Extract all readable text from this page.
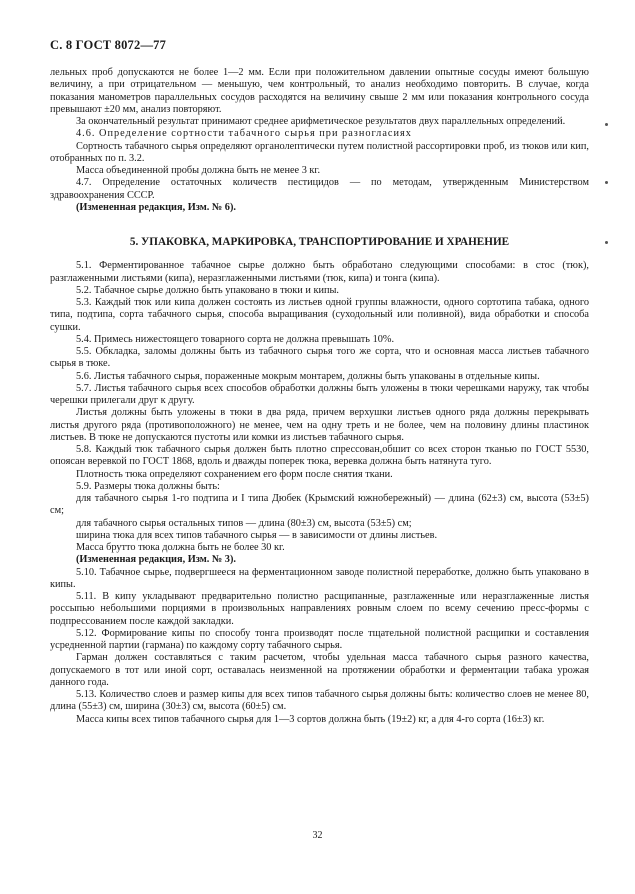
С. 8 ГОСТ 8072—77

лельных проб допускаются не более 1—2 мм. Если при положительном давлении опытные сосуды имеют большую величину, а при отрицательном — меньшую, чем контрольный, то анализ необходимо повторить. В случае, когда показания манометров параллельных сосудов расходятся на величину свыше 2 мм или показания контрольного сосуда превышают ±20 мм, анализ повторяют.

За окончательный результат принимают среднее арифметическое результатов двух параллельных определений.

4.6. Определение сортности табачного сырья при разногласиях

Сортность табачного сырья определяют органолептически путем полистной рассортировки проб, из тюков или кип, отобранных по п. 3.2.

Масса объединенной пробы должна быть не менее 3 кг.

4.7. Определение остаточных количеств пестицидов — по методам, утвержденным Министерством здравоохранения СССР.

(Измененная редакция, Изм. № 6).

5. УПАКОВКА, МАРКИРОВКА, ТРАНСПОРТИРОВАНИЕ И ХРАНЕНИЕ

5.1. Ферментированное табачное сырье должно быть обработано следующими способами: в стос (тюк), разглаженными листьями (кипа), неразглаженными листьями (тюк, кипа) и тонга (кипа).

5.2. Табачное сырье должно быть упаковано в тюки и кипы.

5.3. Каждый тюк или кипа должен состоять из листьев одной группы влажности, одного сортотипа табака, одного типа, подтипа, сорта табачного сырья, способа выращивания (суходольный или поливной), вида обработки и способа сушки.

5.4. Примесь нижестоящего товарного сорта не должна превышать 10%.

5.5. Обкладка, заломы должны быть из табачного сырья того же сорта, что и основная масса листьев табачного сырья в тюке.

5.6. Листья табачного сырья, пораженные мокрым монтарем, должны быть упакованы в отдельные кипы.

5.7. Листья табачного сырья всех способов обработки должны быть уложены в тюки черешками наружу, так чтобы черешки прилегали друг к другу.

Листья должны быть уложены в тюки в два ряда, причем верхушки листьев одного ряда должны перекрывать листья другого ряда (противоположного) не менее, чем на одну треть и не более, чем на половину длины пластинок листьев. В тюке не допускаются пустоты или комки из листьев табачного сырья.

5.8. Каждый тюк табачного сырья должен быть плотно спрессован,обшит со всех сторон тканью по ГОСТ 5530, опоясан веревкой по ГОСТ 1868, вдоль и дважды поперек тюка, веревка должна быть натянута туго.

Плотность тюка определяют сохранением его форм после снятия ткани.

5.9. Размеры тюка должны быть:

для табачного сырья 1-го подтипа и I типа Дюбек (Крымский южнобережный) — длина (62±3) см, высота (53±5) см;

для табачного сырья остальных типов — длина (80±3) см, высота (53±5) см;

ширина тюка для всех типов табачного сырья — в зависимости от длины листьев.

Масса брутто тюка должна быть не более 30 кг.

(Измененная редакция, Изм. № 3).

5.10. Табачное сырье, подвергшееся на ферментационном заводе полистной переработке, должно быть упаковано в кипы.

5.11. В кипу укладывают предварительно полистно расщипанные, разглаженные или неразглаженные листья россыпью небольшими порциями в произвольных направлениях ровным слоем по всему сечению пресс-формы с подпрессованием после каждой закладки.

5.12. Формирование кипы по способу тонга производят после тщательной полистной расщипки и составления усредненной партии (гармана) по каждому сорту табачного сырья.

Гарман должен составляться с таким расчетом, чтобы удельная масса табачного сырья разного качества, допускаемого в тот или иной сорт, оставалась неизменной на протяжении обработки и ферментации табака урожая данного года.

5.13. Количество слоев и размер кипы для всех типов табачного сырья должны быть: количество слоев не менее 80, длина (55±3) см, ширина (30±3) см, высота (60±5) см.

Масса кипы всех типов табачного сырья для 1—3 сортов должна быть (19±2) кг, а для 4-го сорта (16±3) кг.

32
